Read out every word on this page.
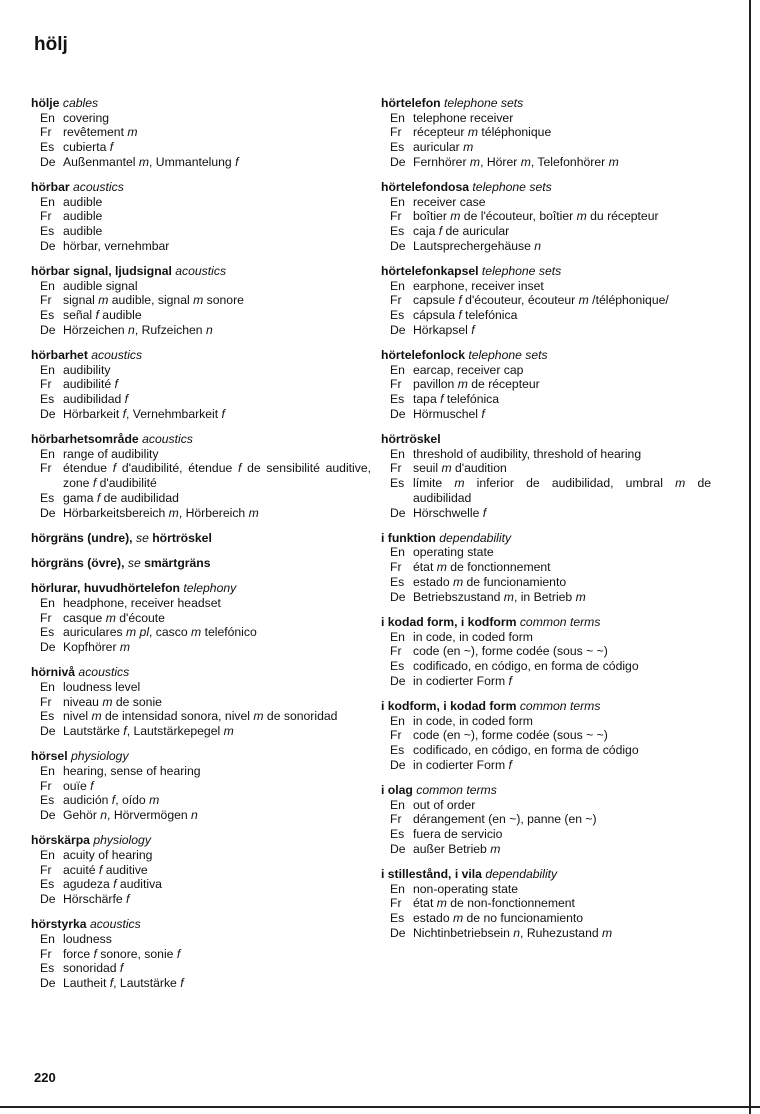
hölj
hölje cables
En covering
Fr revêtement m
Es cubierta f
De Außenmantel m, Ummantelung f
hörbar acoustics
En audible
Fr audible
Es audible
De hörbar, vernehmbar
hörbar signal, ljudsignal acoustics
En audible signal
Fr signal m audible, signal m sonore
Es señal f audible
De Hörzeichen n, Rufzeichen n
hörbarhet acoustics
En audibility
Fr audibilité f
Es audibilidad f
De Hörbarkeit f, Vernehmbarkeit f
hörbarhetsområde acoustics
En range of audibility
Fr étendue f d'audibilité, étendue f de sensibilité auditive, zone f d'audibilité
Es gama f de audibilidad
De Hörbarkeitsbereich m, Hörbereich m
hörgräns (undre), se hörtröskel
hörgräns (övre), se smärtgräns
hörlurar, huvudhörtelefon telephony
En headphone, receiver headset
Fr casque m d'écoute
Es auriculares m pl, casco m telefónico
De Kopfhörer m
hörnivå acoustics
En loudness level
Fr niveau m de sonie
Es nivel m de intensidad sonora, nivel m de sonoridad
De Lautstärke f, Lautstärkepegel m
hörsel physiology
En hearing, sense of hearing
Fr ouïe f
Es audición f, oído m
De Gehör n, Hörvermögen n
hörskärpa physiology
En acuity of hearing
Fr acuité f auditive
Es agudeza f auditiva
De Hörschärfe f
hörstyrka acoustics
En loudness
Fr force f sonore, sonie f
Es sonoridad f
De Lautheit f, Lautstärke f
hörtelefon telephone sets
En telephone receiver
Fr récepteur m téléphonique
Es auricular m
De Fernhörer m, Hörer m, Telefonhörer m
hörtelefondosa telephone sets
En receiver case
Fr boîtier m de l'écouteur, boîtier m du récepteur
Es caja f de auricular
De Lautsprechergehäuse n
hörtelefonkapsel telephone sets
En earphone, receiver inset
Fr capsule f d'écouteur, écouteur m /téléphonique/
Es cápsula f telefónica
De Hörkapsel f
hörtelefonlock telephone sets
En earcap, receiver cap
Fr pavillon m de récepteur
Es tapa f telefónica
De Hörmuschel f
hörtröskel
En threshold of audibility, threshold of hearing
Fr seuil m d'audition
Es límite m inferior de audibilidad, umbral m de audibilidad
De Hörschwelle f
i funktion dependability
En operating state
Fr état m de fonctionnement
Es estado m de funcionamiento
De Betriebszustand m, in Betrieb m
i kodad form, i kodform common terms
En in code, in coded form
Fr code (en ~), forme codée (sous ~ ~)
Es codificado, en código, en forma de código
De in codierter Form f
i kodform, i kodad form common terms
En in code, in coded form
Fr code (en ~), forme codée (sous ~ ~)
Es codificado, en código, en forma de código
De in codierter Form f
i olag common terms
En out of order
Fr dérangement (en ~), panne (en ~)
Es fuera de servicio
De außer Betrieb m
i stillestånd, i vila dependability
En non-operating state
Fr état m de non-fonctionnement
Es estado m de no funcionamiento
De Nichtinbetriebsein n, Ruhezustand m
220
